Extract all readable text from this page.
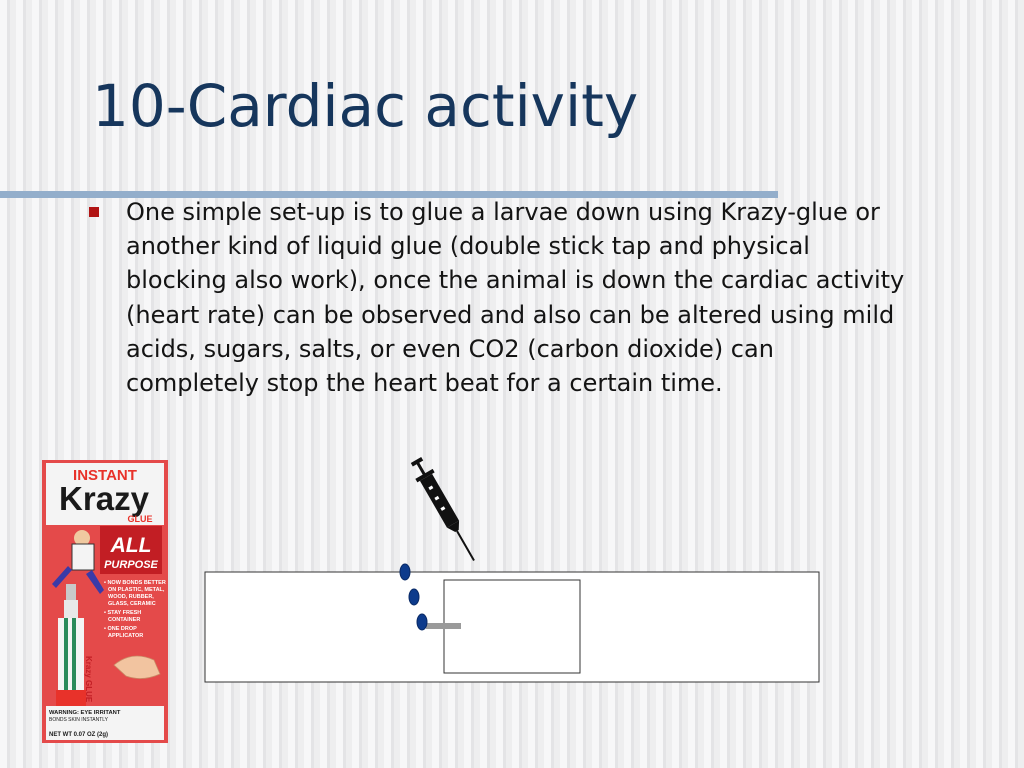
10-Cardiac activity

One simple set-up is to glue a larvae down using Krazy-glue or another kind of liquid glue (double stick tap and physical blocking also work), once the animal is down the cardiac activity (heart rate) can be observed and also can be altered using mild acids, sugars, salts, or even CO2 (carbon dioxide) can completely stop the heart beat for a certain time.

INSTANT
Krazy
GLUE
ALL
PURPOSE
Krazy GLUE
• NOW BONDS BETTER
ON PLASTIC, METAL,
WOOD, RUBBER,
GLASS, CERAMIC
• STAY FRESH
CONTAINER
• ONE DROP
APPLICATOR
WARNING: EYE IRRITANT
BONDS SKIN INSTANTLY
NET WT 0.07 OZ (2g)
